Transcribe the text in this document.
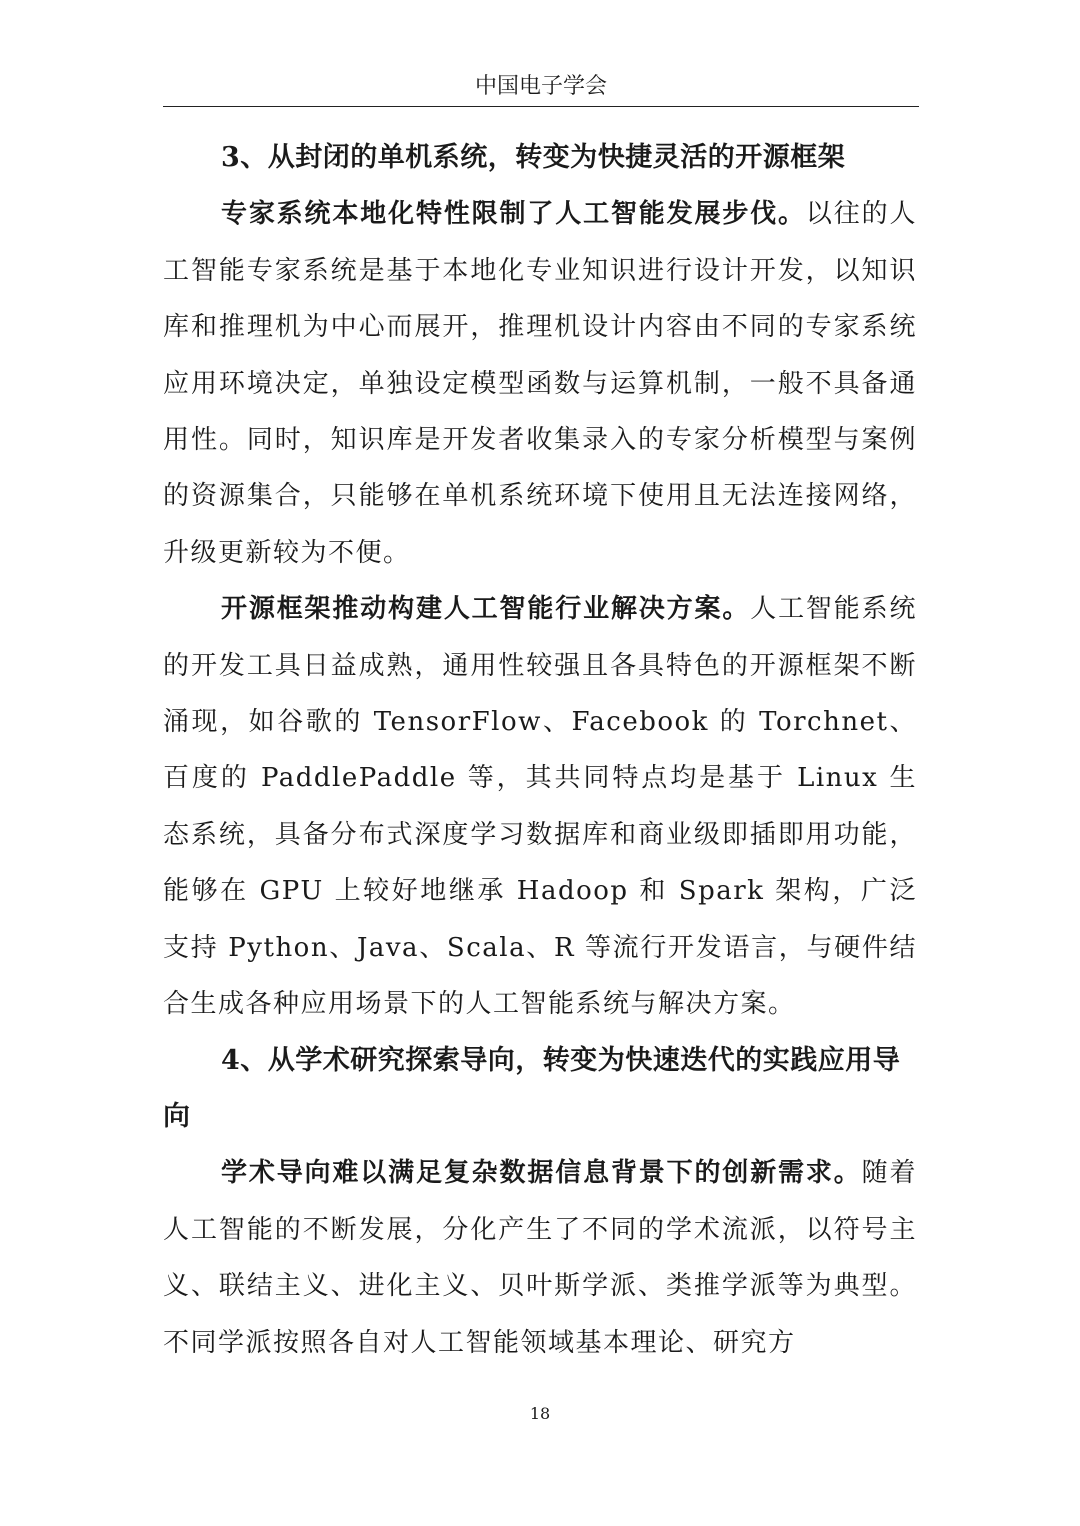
中国电子学会
3、从封闭的单机系统，转变为快捷灵活的开源框架

专家系统本地化特性限制了人工智能发展步伐。以往的人工智能专家系统是基于本地化专业知识进行设计开发，以知识库和推理机为中心而展开，推理机设计内容由不同的专家系统应用环境决定，单独设定模型函数与运算机制，一般不具备通用性。同时，知识库是开发者收集录入的专家分析模型与案例的资源集合，只能够在单机系统环境下使用且无法连接网络，升级更新较为不便。

开源框架推动构建人工智能行业解决方案。人工智能系统的开发工具日益成熟，通用性较强且各具特色的开源框架不断涌现，如谷歌的 TensorFlow、Facebook 的 Torchnet、百度的 PaddlePaddle 等，其共同特点均是基于 Linux 生态系统，具备分布式深度学习数据库和商业级即插即用功能，能够在 GPU 上较好地继承 Hadoop 和 Spark 架构，广泛支持 Python、Java、Scala、R 等流行开发语言，与硬件结合生成各种应用场景下的人工智能系统与解决方案。

4、从学术研究探索导向，转变为快速迭代的实践应用导向

学术导向难以满足复杂数据信息背景下的创新需求。随着人工智能的不断发展，分化产生了不同的学术流派，以符号主义、联结主义、进化主义、贝叶斯学派、类推学派等为典型。不同学派按照各自对人工智能领域基本理论、研究方

18
